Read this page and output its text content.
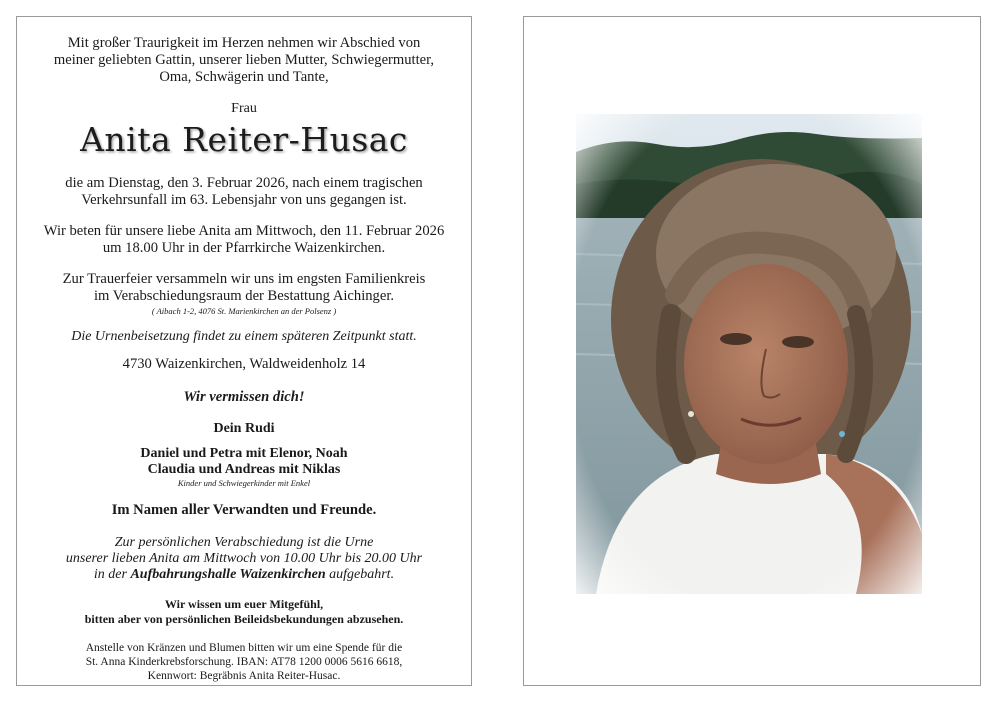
Mit großer Traurigkeit im Herzen nehmen wir Abschied von
meiner geliebten Gattin, unserer lieben Mutter, Schwiegermutter,
Oma, Schwägerin und Tante,
Frau
Anita Reiter-Husac
die am Dienstag, den 3. Februar 2026, nach einem tragischen
Verkehrsunfall im 63. Lebensjahr von uns gegangen ist.
Wir beten für unsere liebe Anita am Mittwoch, den 11. Februar 2026
um 18.00 Uhr in der Pfarrkirche Waizenkirchen.
Zur Trauerfeier versammeln wir uns im engsten Familienkreis
im Verabschiedungsraum der Bestattung Aichinger.
( Aibach 1-2, 4076 St. Marienkirchen an der Polsenz )
Die Urnenbeisetzung findet zu einem späteren Zeitpunkt statt.
4730 Waizenkirchen, Waldweidenholz 14
Wir vermissen dich!
Dein Rudi
Daniel und Petra mit Elenor, Noah
Claudia und Andreas mit Niklas
Kinder und Schwiegerkinder mit Enkel
Im Namen aller Verwandten und Freunde.
Zur persönlichen Verabschiedung ist die Urne
unserer lieben Anita am Mittwoch von 10.00 Uhr bis 20.00 Uhr
in der Aufbahrungshalle Waizenkirchen aufgebahrt.
Wir wissen um euer Mitgefühl,
bitten aber von persönlichen Beileidsbekundungen abzusehen.
Anstelle von Kränzen und Blumen bitten wir um eine Spende für die
St. Anna Kinderkrebsforschung. IBAN: AT78 1200 0006 5616 6618,
Kennwort: Begräbnis Anita Reiter-Husac.
